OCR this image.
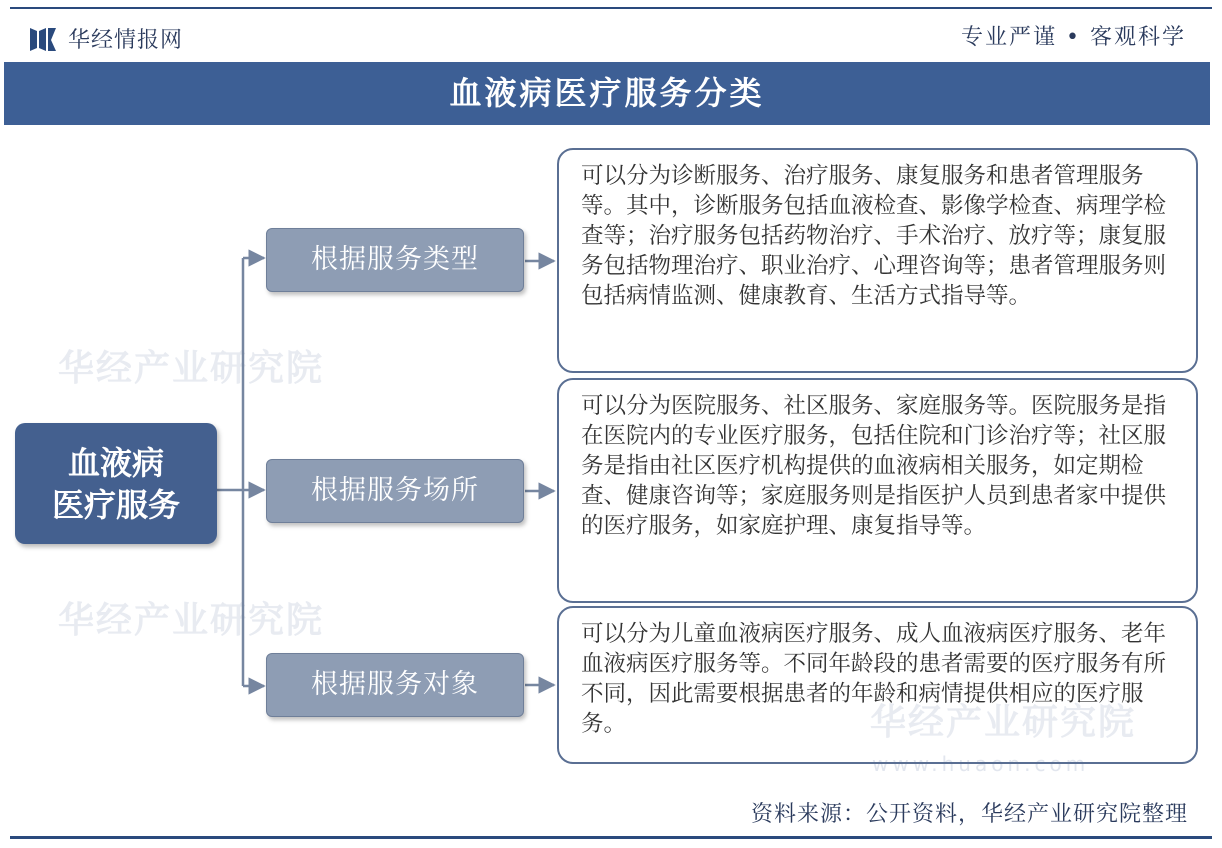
华经情报网	专业严谨 • 客观科学
血液病医疗服务分类
华经产业研究院
华经产业研究院
华经产业研究院
www.huaon.com
血液病
医疗服务
根据服务类型
根据服务场所
根据服务对象
可以分为诊断服务、治疗服务、康复服务和患者管理服务等。其中，诊断服务包括血液检查、影像学检查、病理学检查等；治疗服务包括药物治疗、手术治疗、放疗等；康复服务包括物理治疗、职业治疗、心理咨询等；患者管理服务则包括病情监测、健康教育、生活方式指导等。
可以分为医院服务、社区服务、家庭服务等。医院服务是指在医院内的专业医疗服务，包括住院和门诊治疗等；社区服务是指由社区医疗机构提供的血液病相关服务，如定期检查、健康咨询等；家庭服务则是指医护人员到患者家中提供的医疗服务，如家庭护理、康复指导等。
可以分为儿童血液病医疗服务、成人血液病医疗服务、老年血液病医疗服务等。不同年龄段的患者需要的医疗服务有所不同，因此需要根据患者的年龄和病情提供相应的医疗服务。
资料来源：公开资料，华经产业研究院整理
